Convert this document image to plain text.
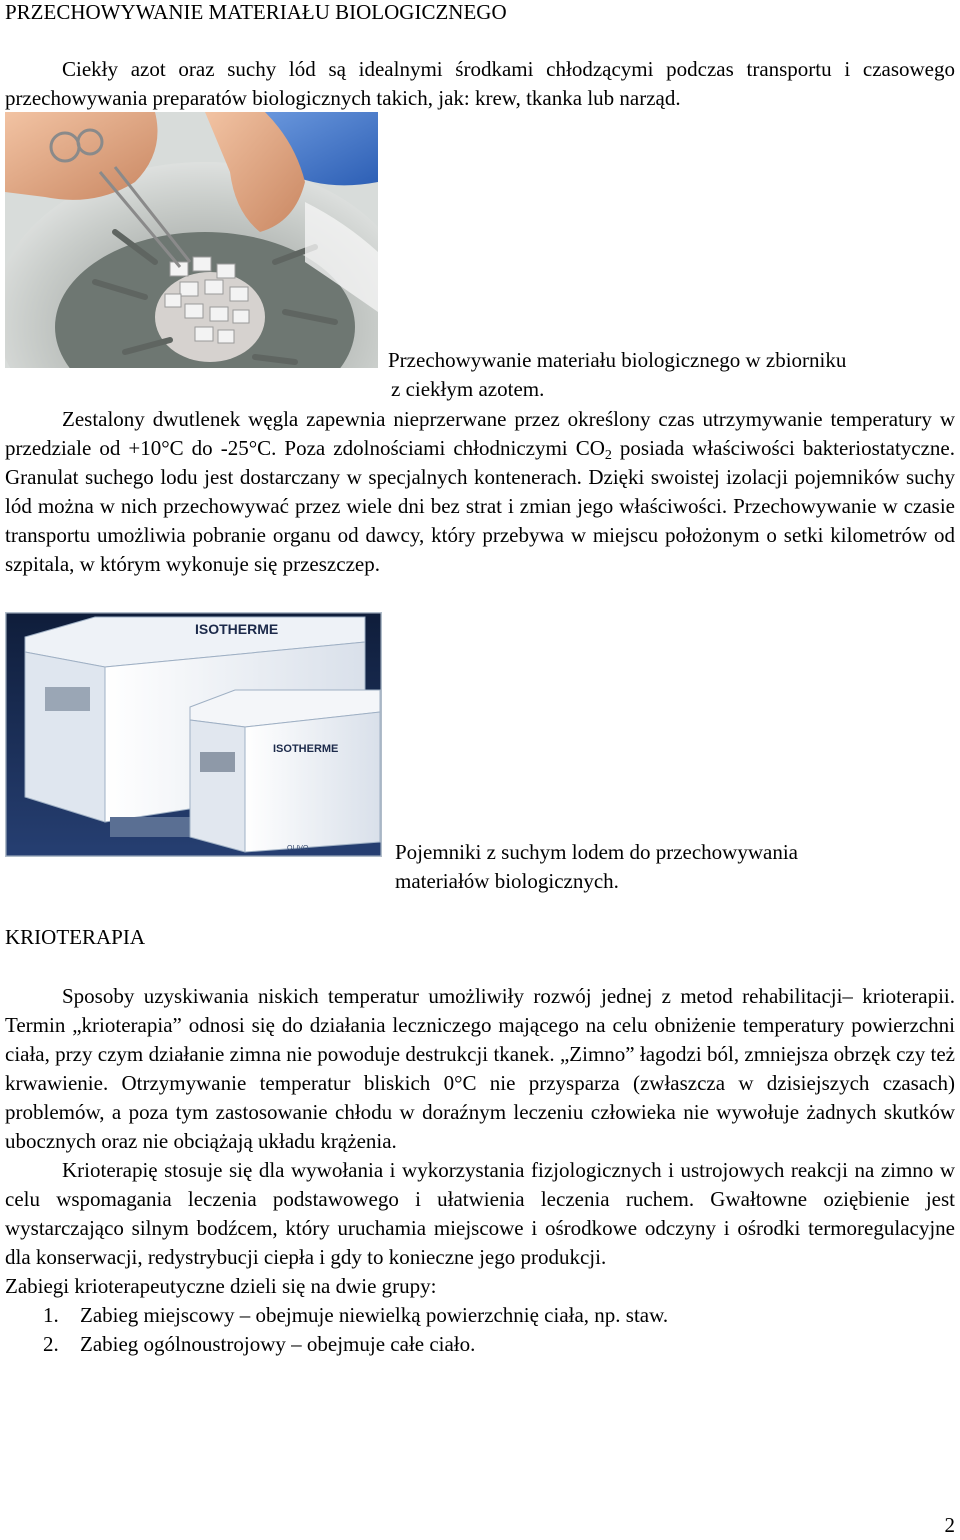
PRZECHOWYWANIE MATERIAŁU BIOLOGICZNEGO

Ciekły azot oraz suchy lód są idealnymi środkami chłodzącymi podczas transportu i czasowego przechowywania preparatów biologicznych takich, jak: krew, tkanka lub narząd.

Przechowywanie materiału biologicznego w zbiorniku
z ciekłym azotem.

Zestalony dwutlenek węgla zapewnia nieprzerwane przez określony czas utrzymywanie temperatury w przedziale od +10°C do -25°C. Poza zdolnościami chłodniczymi $CO_2$ posiada właściwości bakteriostatyczne. Granulat suchego lodu jest dostarczany w specjalnych kontenerach. Dzięki swoistej izolacji pojemników suchy lód można w nich przechowywać przez wiele dni bez strat i zmian jego właściwości. Przechowywanie w czasie transportu umożliwia pobranie organu od dawcy, który przebywa w miejscu położonym o setki kilometrów od szpitala, w którym wykonuje się przeszczep.

ISOTHERME
ISOTHERME
OLIVO	Pojemniki z suchym lodem do przechowywania
materiałów biologicznych.
KRIOTERAPIA

Sposoby uzyskiwania niskich temperatur umożliwiły rozwój jednej z metod rehabilitacji– krioterapii. Termin „krioterapia” odnosi się do działania leczniczego mającego na celu obniżenie temperatury powierzchni ciała, przy czym działanie zimna nie powoduje destrukcji tkanek. „Zimno” łagodzi ból, zmniejsza obrzęk czy też krwawienie. Otrzymywanie temperatur bliskich 0°C nie przysparza (zwłaszcza w dzisiejszych czasach) problemów, a poza tym zastosowanie chłodu w doraźnym leczeniu człowieka nie wywołuje żadnych skutków ubocznych oraz nie obciążają układu krążenia.

Krioterapię stosuje się dla wywołania i wykorzystania fizjologicznych i ustrojowych reakcji na zimno w celu wspomagania leczenia podstawowego i ułatwienia leczenia ruchem. Gwałtowne oziębienie jest wystarczająco silnym bodźcem, który uruchamia miejscowe i ośrodkowe odczyny i ośrodki termoregulacyjne dla konserwacji, redystrybucji ciepła i gdy to konieczne jego produkcji.

Zabiegi krioterapeutyczne dzieli się na dwie grupy:

1. Zabieg miejscowy – obejmuje niewielką powierzchnię ciała, np. staw.
2. Zabieg ogólnoustrojowy – obejmuje całe ciało.
2
